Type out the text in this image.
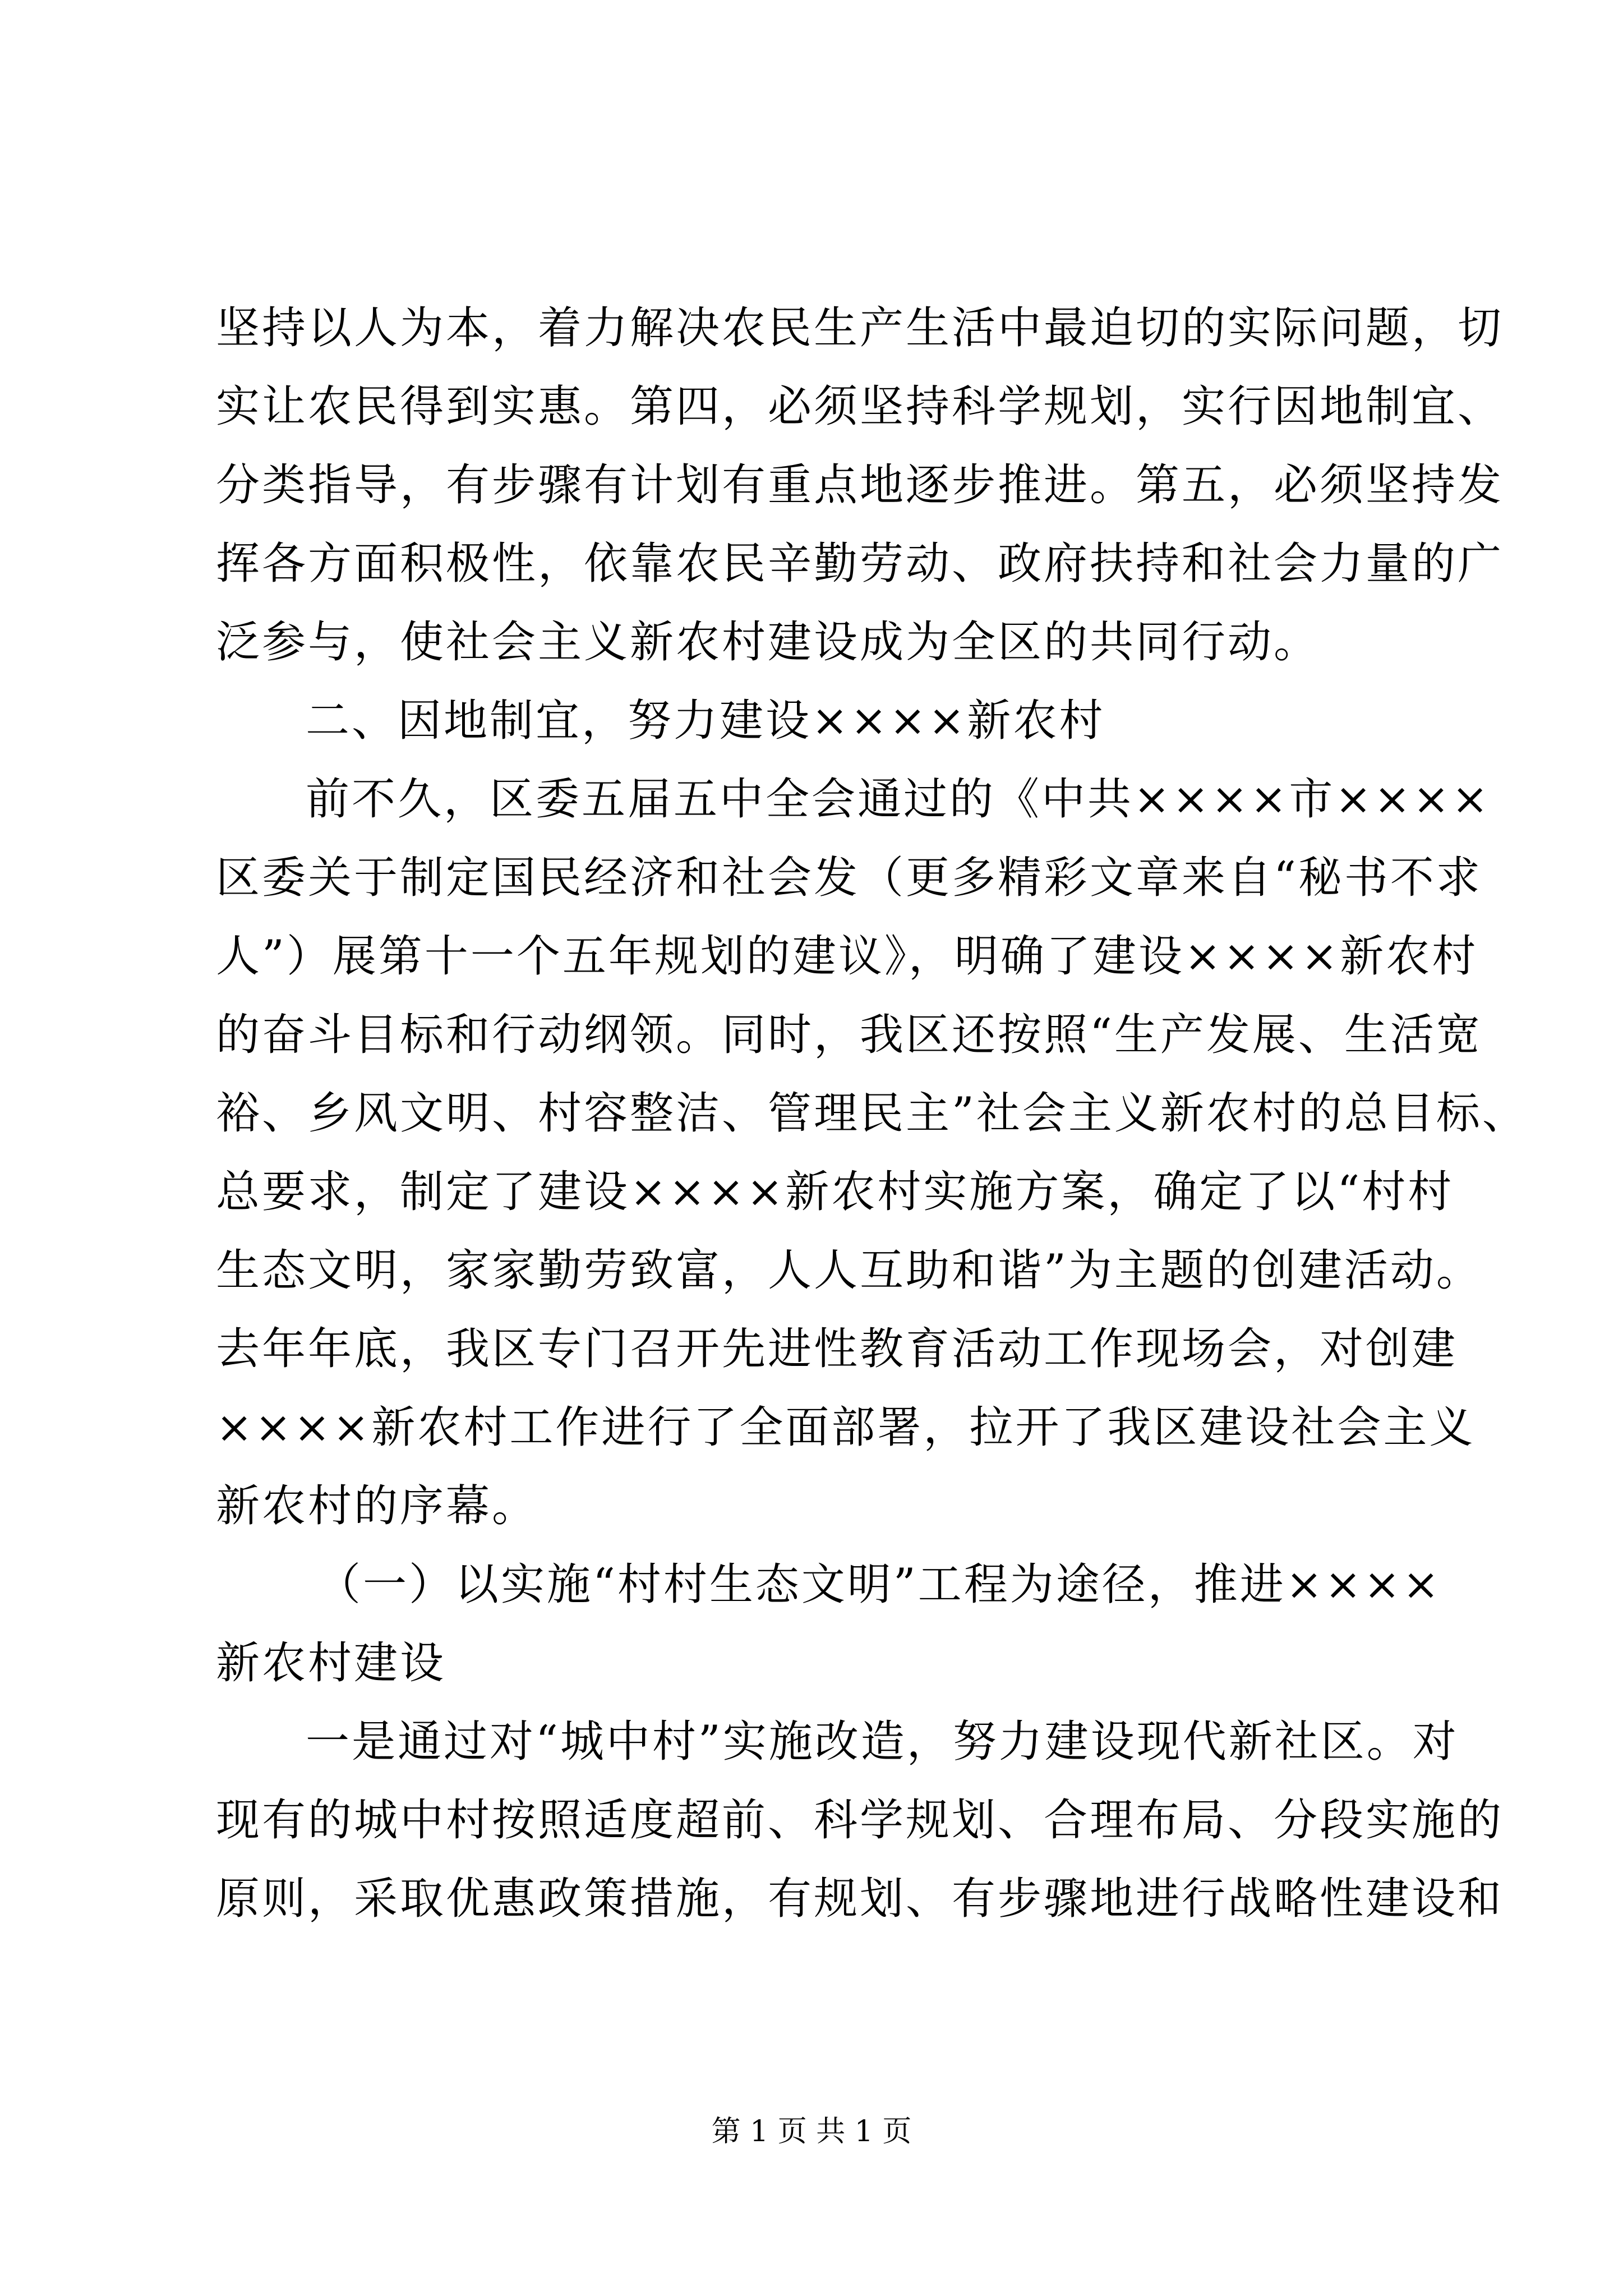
坚持以人为本，着力解决农民生产生活中最迫切的实际问题，切
实让农民得到实惠。第四，必须坚持科学规划，实行因地制宜、
分类指导，有步骤有计划有重点地逐步推进。第五，必须坚持发
挥各方面积极性，依靠农民辛勤劳动、政府扶持和社会力量的广
泛参与，使社会主义新农村建设成为全区的共同行动。
二、因地制宜，努力建设××××新农村
前不久，区委五届五中全会通过的《中共××××市××××
区委关于制定国民经济和社会发（更多精彩文章来自“秘书不求
人”）展第十一个五年规划的建议》，明确了建设××××新农村
的奋斗目标和行动纲领。同时，我区还按照“生产发展、生活宽
裕、乡风文明、村容整洁、管理民主”社会主义新农村的总目标、
总要求，制定了建设××××新农村实施方案，确定了以“村村
生态文明，家家勤劳致富，人人互助和谐”为主题的创建活动。
去年年底，我区专门召开先进性教育活动工作现场会，对创建
××××新农村工作进行了全面部署，拉开了我区建设社会主义
新农村的序幕。
（一）以实施“村村生态文明”工程为途径，推进××××
新农村建设
一是通过对“城中村”实施改造，努力建设现代新社区。对
现有的城中村按照适度超前、科学规划、合理布局、分段实施的
原则，采取优惠政策措施，有规划、有步骤地进行战略性建设和
第 1 页 共 1 页
